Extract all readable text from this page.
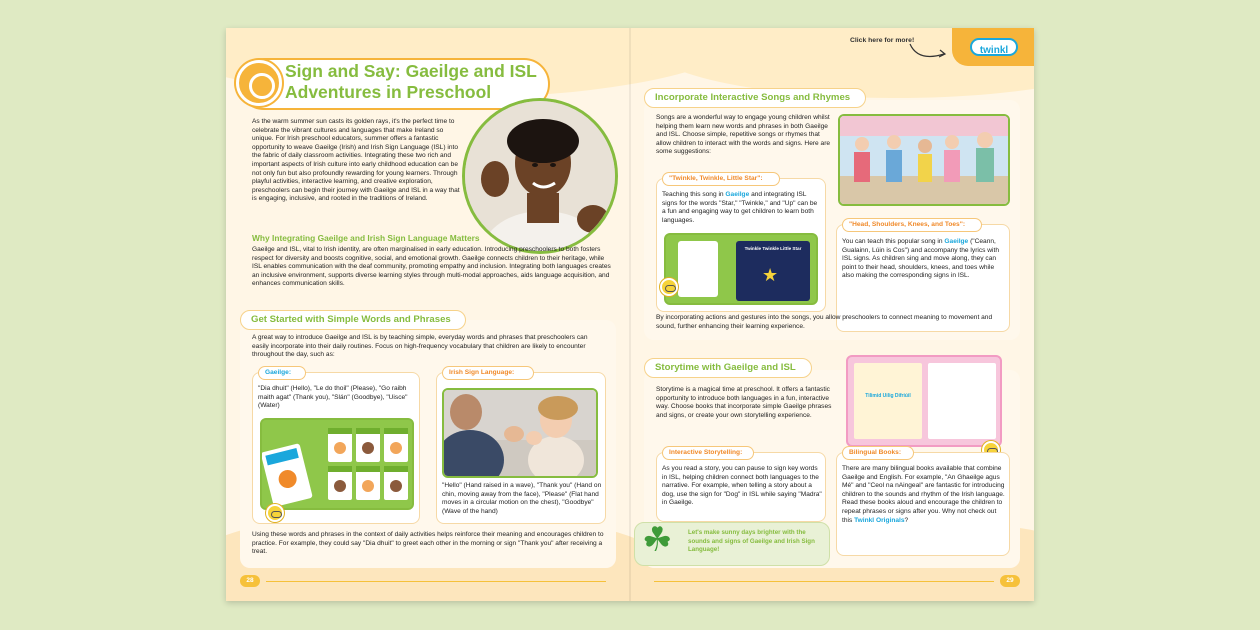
Sign and Say: Gaeilge and ISL
Adventures in Preschool
As the warm summer sun casts its golden rays, it's the perfect time to celebrate the vibrant cultures and languages that make Ireland so unique. For Irish preschool educators, summer offers a fantastic opportunity to weave Gaeilge (Irish) and Irish Sign Language (ISL) into the fabric of daily classroom activities. Integrating these two rich and important aspects of Irish culture into early childhood education can be not only fun but also profoundly rewarding for young learners. Through playful activities, interactive learning, and creative exploration, preschoolers can begin their journey with Gaeilge and ISL in a way that is engaging, inclusive, and rooted in the traditions of Ireland.
Why Integrating Gaeilge and Irish Sign Language Matters
Gaeilge and ISL, vital to Irish identity, are often marginalised in early education. Introducing preschoolers to both fosters respect for diversity and boosts cognitive, social, and emotional growth. Gaeilge connects children to their heritage, while ISL enables communication with the deaf community, promoting empathy and inclusion. Integrating both languages creates an inclusive environment, supports diverse learning styles through multi-modal approaches, aids language acquisition, and enhances communication skills.
Get Started with Simple Words and Phrases
A great way to introduce Gaeilge and ISL is by teaching simple, everyday words and phrases that preschoolers can easily incorporate into their daily routines. Focus on high-frequency vocabulary that children are likely to encounter throughout the day, such as:
Gaeilge:
"Dia dhuit" (Hello), "Le do thoil" (Please), "Go raibh maith agat" (Thank you), "Slán" (Goodbye), "Uisce" (Water)
Irish Sign Language:
"Hello" (Hand raised in a wave), "Thank you" (Hand on chin, moving away from the face), "Please" (Flat hand moves in a circular motion on the chest), "Goodbye" (Wave of the hand)
Using these words and phrases in the context of daily activities helps reinforce their meaning and encourages children to practice. For example, they could say "Dia dhuit" to greet each other in the morning or sign "Thank you" after receiving a treat.
28
Click here for more!
twinkl
Incorporate Interactive Songs and Rhymes
Songs are a wonderful way to engage young children whilst helping them learn new words and phrases in both Gaeilge and ISL. Choose simple, repetitive songs or rhymes that allow children to interact with the words and signs. Here are some suggestions:
"Twinkle, Twinkle, Little Star":
Teaching this song in Gaeilge and integrating ISL signs for the words "Star," "Twinkle," and "Up" can be a fun and engaging way to get children to learn both languages.
Twinkle Twinkle Little Star
★
"Head, Shoulders, Knees, and Toes":
You can teach this popular song in Gaeilge ("Ceann, Gualainn, Lúin is Cos") and accompany the lyrics with ISL signs. As children sing and move along, they can point to their head, shoulders, knees, and toes while also making the corresponding signs in ISL.
By incorporating actions and gestures into the songs, you allow preschoolers to connect meaning to movement and sound, further enhancing their learning experience.
Storytime with Gaeilge and ISL
Storytime is a magical time at preschool. It offers a fantastic opportunity to introduce both languages in a fun, interactive way. Choose books that incorporate simple Gaeilge phrases and signs, or create your own storytelling experience.
Tilimid Uilig Difriúil
Interactive Storytelling:
As you read a story, you can pause to sign key words in ISL, helping children connect both languages to the narrative. For example, when telling a story about a dog, use the sign for "Dog" in ISL while saying "Madra" in Gaeilge.
Bilingual Books:
There are many bilingual books available that combine Gaeilge and English. For example, "An Ghaeilge agus Mé" and "Ceol na nAingeal" are fantastic for introducing children to the sounds and rhythm of the Irish language. Read these books aloud and encourage the children to repeat phrases or signs after you. Why not check out this Twinkl Originals?
☘	Let's make sunny days brighter with the sounds and signs of Gaeilge and Irish Sign Language!
29
